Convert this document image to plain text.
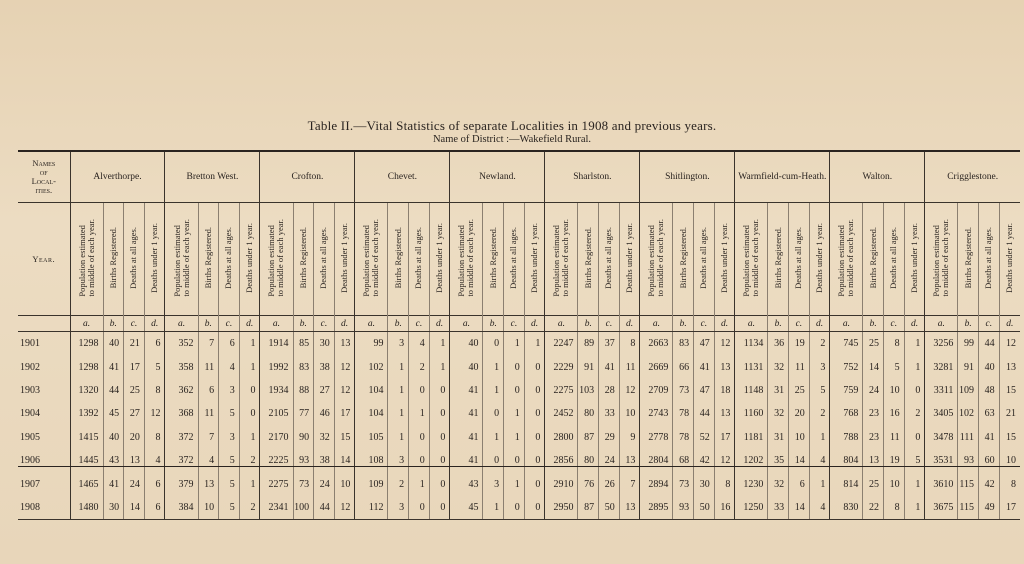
Table II.—Vital Statistics of separate Localities in 1908 and previous years.
Name of District :—Wakefield Rural.
Names
of
Local-
ities.	Alverthorpe.				Bretton West.				Crofton.				Chevet.				Newland.				Sharlston.				Shitlington.				Warmfield-cum-Heath.				Walton.				Crigglestone.			
Year.	Population estimated
to middle of each year.	Births Registered.	Deaths at all ages.	Deaths under 1 year.	Population estimated
to middle of each year.	Births Registered.	Deaths at all ages.	Deaths under 1 year.	Population estimated
to middle of each year.	Births Registered.	Deaths at all ages.	Deaths under 1 year.	Population estimated
to middle of each year.	Births Registered.	Deaths at all ages.	Deaths under 1 year.	Population estimated
to middle of each year.	Births Registered.	Deaths at all ages.	Deaths under 1 year.	Population estimated
to middle of each year.	Births Registered.	Deaths at all ages.	Deaths under 1 year.	Population estimated
to middle of each year.	Births Registered.	Deaths at all ages.	Deaths under 1 year.	Population estimated
to middle of each year.	Births Registered.	Deaths at all ages.	Deaths under 1 year.	Population estimated
to middle of each year.	Births Registered.	Deaths at all ages.	Deaths under 1 year.	Population estimated
to middle of each year.	Births Registered.	Deaths at all ages.	Deaths under 1 year.
	a.	b.	c.	d.	a.	b.	c.	d.	a.	b.	c.	d.	a.	b.	c.	d.	a.	b.	c.	d.	a.	b.	c.	d.	a.	b.	c.	d.	a.	b.	c.	d.	a.	b.	c.	d.	a.	b.	c.	d.
1901	1298	40	21	6	352	7	6	1	1914	85	30	13	99	3	4	1	40	0	1	1	2247	89	37	8	2663	83	47	12	1134	36	19	2	745	25	8	1	3256	99	44	12
1902	1298	41	17	5	358	11	4	1	1992	83	38	12	102	1	2	1	40	1	0	0	2229	91	41	11	2669	66	41	13	1131	32	11	3	752	14	5	1	3281	91	40	13
1903	1320	44	25	8	362	6	3	0	1934	88	27	12	104	1	0	0	41	1	0	0	2275	103	28	12	2709	73	47	18	1148	31	25	5	759	24	10	0	3311	109	48	15
1904	1392	45	27	12	368	11	5	0	2105	77	46	17	104	1	1	0	41	0	1	0	2452	80	33	10	2743	78	44	13	1160	32	20	2	768	23	16	2	3405	102	63	21
1905	1415	40	20	8	372	7	3	1	2170	90	32	15	105	1	0	0	41	1	1	0	2800	87	29	9	2778	78	52	17	1181	31	10	1	788	23	11	0	3478	111	41	15
1906	1445	43	13	4	372	4	5	2	2225	93	38	14	108	3	0	0	41	0	0	0	2856	80	24	13	2804	68	42	12	1202	35	14	4	804	13	19	5	3531	93	60	10
1907	1465	41	24	6	379	13	5	1	2275	73	24	10	109	2	1	0	43	3	1	0	2910	76	26	7	2894	73	30	8	1230	32	6	1	814	25	10	1	3610	115	42	8
1908	1480	30	14	6	384	10	5	2	2341	100	44	12	112	3	0	0	45	1	0	0	2950	87	50	13	2895	93	50	16	1250	33	14	4	830	22	8	1	3675	115	49	17
